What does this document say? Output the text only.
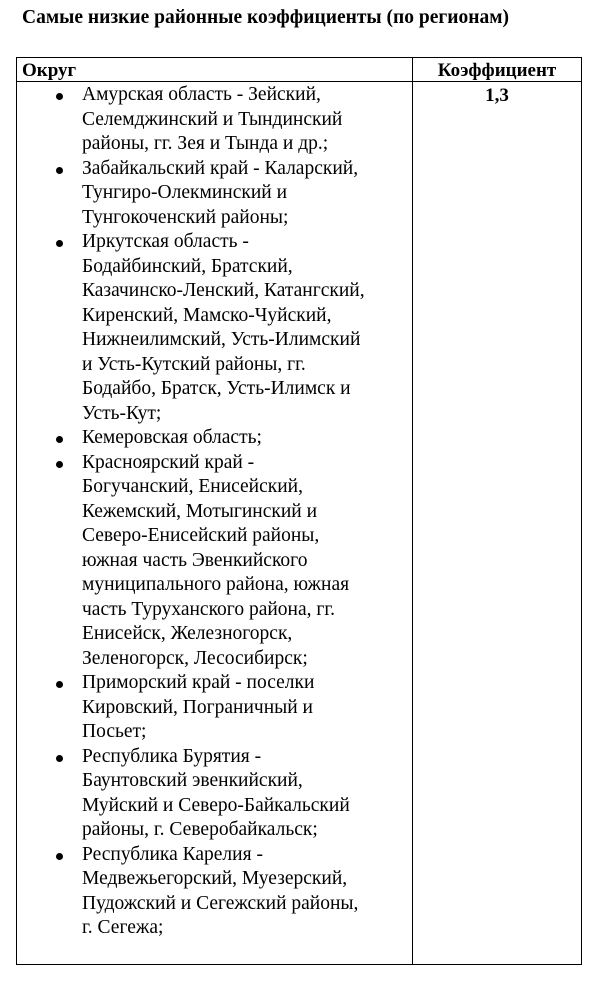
Самые низкие районные коэффициенты (по регионам)
Округ	Коэффициент
Амурская область - Зейский,
Селемджинский и Тындинский
районы, гг. Зея и Тында и др.;
Забайкальский край - Каларский,
Тунгиро-Олекминский и
Тунгокоченский районы;
Иркутская область -
Бодайбинский, Братский,
Казачинско-Ленский, Катангский,
Киренский, Мамско-Чуйский,
Нижнеилимский, Усть-Илимский
и Усть-Кутский районы, гг.
Бодайбо, Братск, Усть-Илимск и
Усть-Кут;
Кемеровская область;
Красноярский край -
Богучанский, Енисейский,
Кежемский, Мотыгинский и
Северо-Енисейский районы,
южная часть Эвенкийского
муниципального района, южная
часть Туруханского района, гг.
Енисейск, Железногорск,
Зеленогорск, Лесосибирск;
Приморский край - поселки
Кировский, Пограничный и
Посьет;
Республика Бурятия -
Баунтовский эвенкийский,
Муйский и Северо-Байкальский
районы, г. Северобайкальск;
Республика Карелия -
Медвежьегорский, Муезерский,
Пудожский и Сегежский районы,
г. Сегежа;
1,3
